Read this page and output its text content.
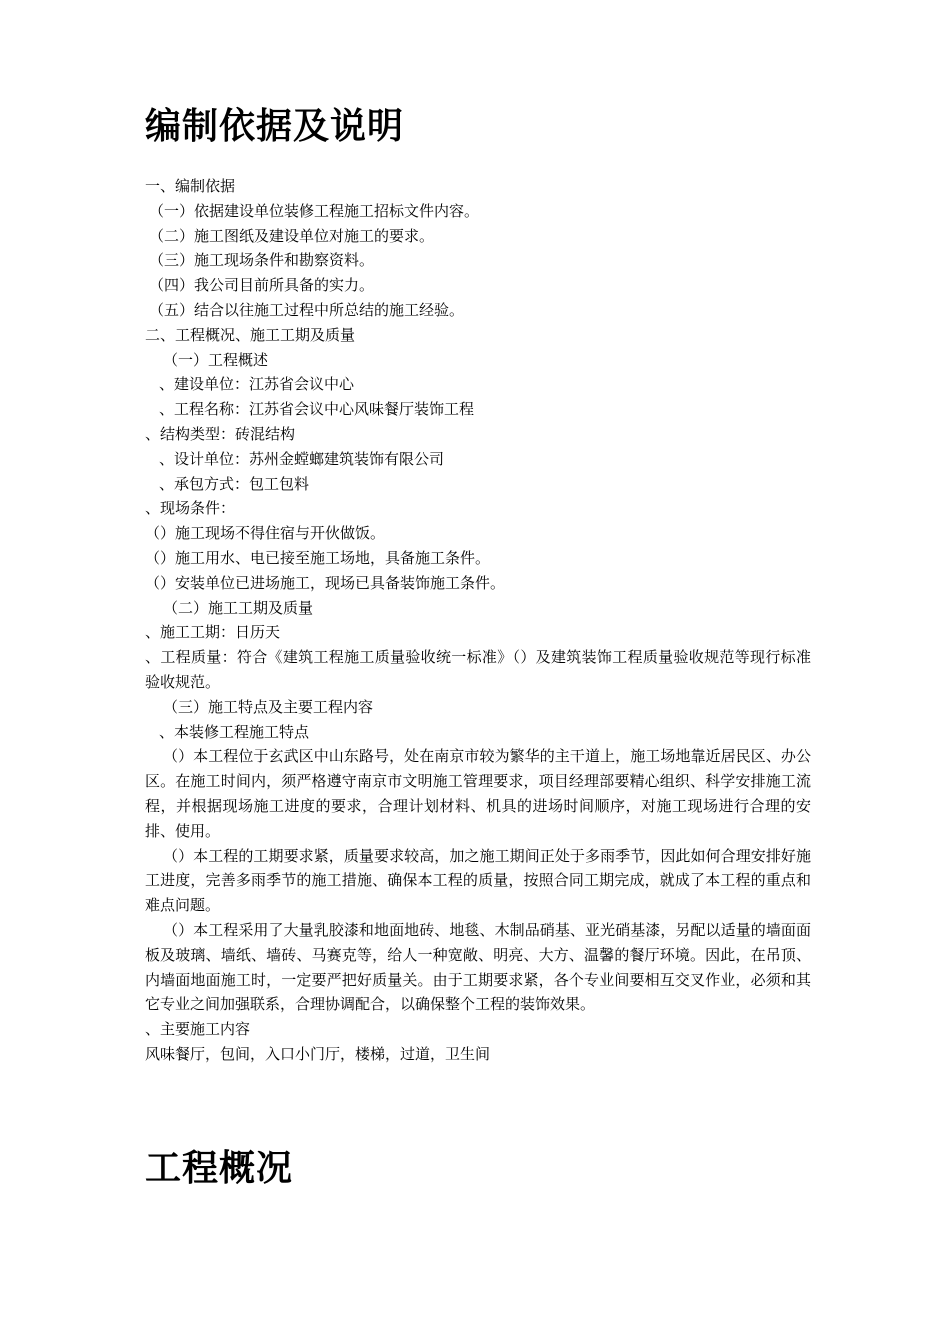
编制依据及说明
一、编制依据
（一）依据建设单位装修工程施工招标文件内容。
（二）施工图纸及建设单位对施工的要求。
（三）施工现场条件和勘察资料。
（四）我公司目前所具备的实力。
（五）结合以往施工过程中所总结的施工经验。
二、工程概况、施工工期及质量
（一）工程概述
、建设单位：江苏省会议中心
、工程名称：江苏省会议中心风味餐厅装饰工程
、结构类型：砖混结构
、设计单位：苏州金螳螂建筑装饰有限公司
、承包方式：包工包料
、现场条件：
（）施工现场不得住宿与开伙做饭。
（）施工用水、电已接至施工场地，具备施工条件。
（）安装单位已进场施工，现场已具备装饰施工条件。
（二）施工工期及质量
、施工工期：日历天
、工程质量：符合《建筑工程施工质量验收统一标准》（）及建筑装饰工程质量验收规范等现行标准验收规范。
（三）施工特点及主要工程内容
、本装修工程施工特点
（）本工程位于玄武区中山东路号，处在南京市较为繁华的主干道上，施工场地靠近居民区、办公区。在施工时间内，须严格遵守南京市文明施工管理要求，项目经理部要精心组织、科学安排施工流程，并根据现场施工进度的要求，合理计划材料、机具的进场时间顺序，对施工现场进行合理的安排、使用。
（）本工程的工期要求紧，质量要求较高，加之施工期间正处于多雨季节，因此如何合理安排好施工进度，完善多雨季节的施工措施、确保本工程的质量，按照合同工期完成，就成了本工程的重点和难点问题。
（）本工程采用了大量乳胶漆和地面地砖、地毯、木制品硝基、亚光硝基漆，另配以适量的墙面面板及玻璃、墙纸、墙砖、马赛克等，给人一种宽敞、明亮、大方、温馨的餐厅环境。因此，在吊顶、内墙面地面施工时，一定要严把好质量关。由于工期要求紧，各个专业间要相互交叉作业，必须和其它专业之间加强联系，合理协调配合，以确保整个工程的装饰效果。
、主要施工内容
风味餐厅，包间，入口小门厅，楼梯，过道，卫生间
工程概况
